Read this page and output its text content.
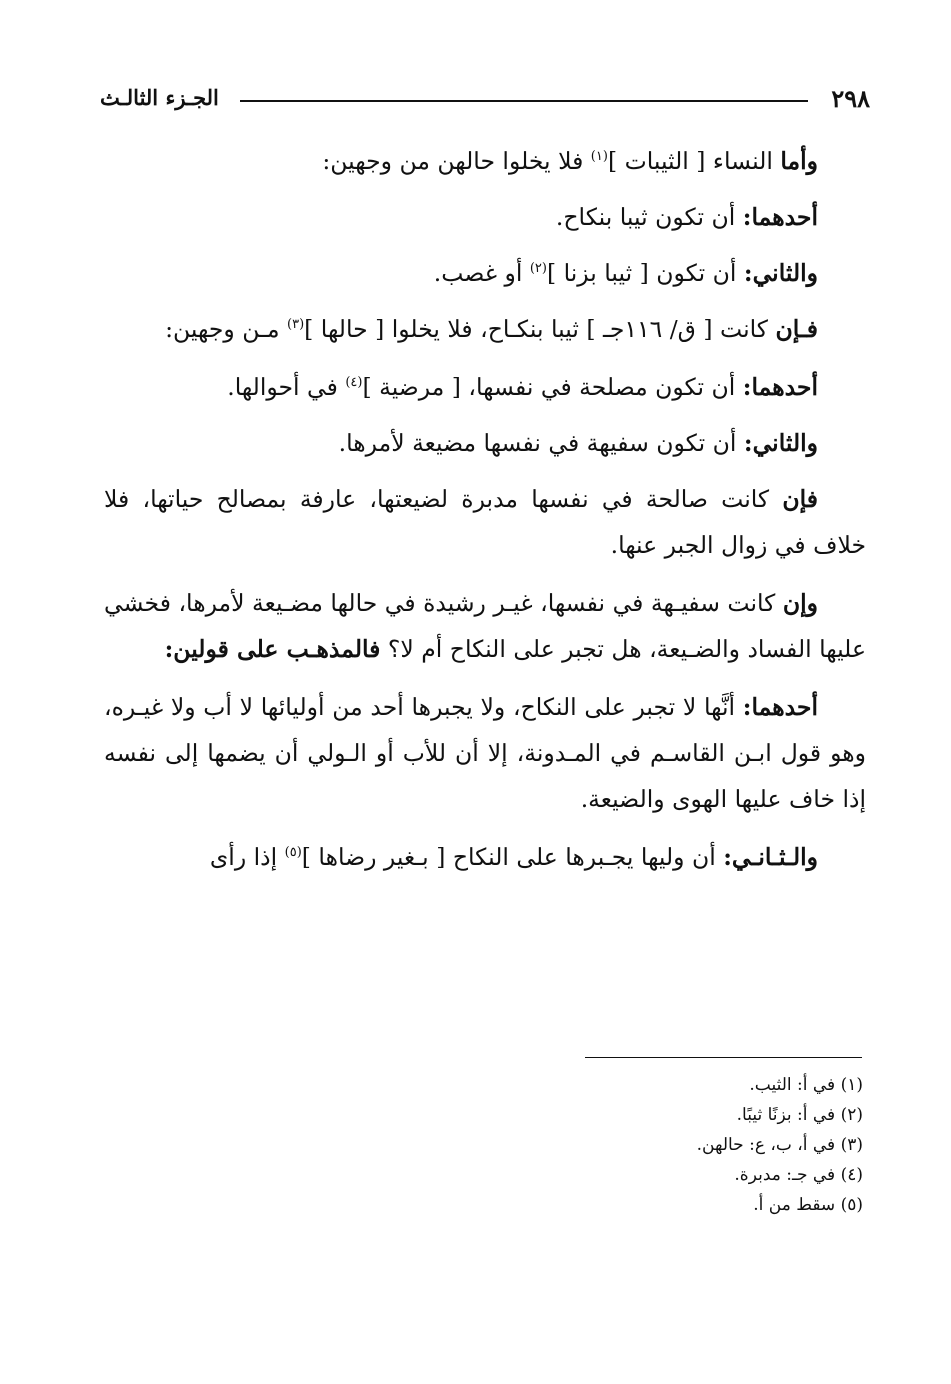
٢٩٨
الجـزء الثالـث

وأما النساء [ الثيبات ]$^{(١)}$ فلا يخلوا حالهن من وجهين:

أحدهما: أن تكون ثيبا بنكاح.

والثاني: أن تكون [ ثيبا بزنا ]$^{(٢)}$ أو غصب.

فـإن كانت [ ق/ ١١٦جـ ] ثيبا بنكـاح، فلا يخلوا [ حالها ]$^{(٣)}$ مـن وجهين:

أحدهما: أن تكون مصلحة في نفسها، [ مرضية ]$^{(٤)}$ في أحوالها.

والثاني: أن تكون سفيهة في نفسها مضيعة لأمرها.

فإن كانت صالحة في نفسها مدبرة لضيعتها، عارفة بمصالح حياتها، فلا خلاف في زوال الجبر عنها.

وإن كانت سفيـهة في نفسها، غيـر رشيدة في حالها مضـيعة لأمرها، فخشي عليها الفساد والضـيعة، هل تجبر على النكاح أم لا؟ فالمذهـب على قولين:

أحدهما: أنَّها لا تجبر على النكاح، ولا يجبرها أحد من أوليائها لا أب ولا غيـره، وهو قول ابـن القاسـم في المـدونة، إلا أن للأب أو الـولي أن يضمها إلى نفسه إذا خاف عليها الهوى والضيعة.

والـثـانـي: أن وليها يجـبرها على النكاح [ بـغير رضاها ]$^{(٥)}$ إذا رأى

(١) في أ: الثيب.
(٢) في أ: بزنًا ثيبًا.
(٣) في أ، ب، ع: حالهن.
(٤) في جـ: مدبرة.
(٥) سقط من أ.
